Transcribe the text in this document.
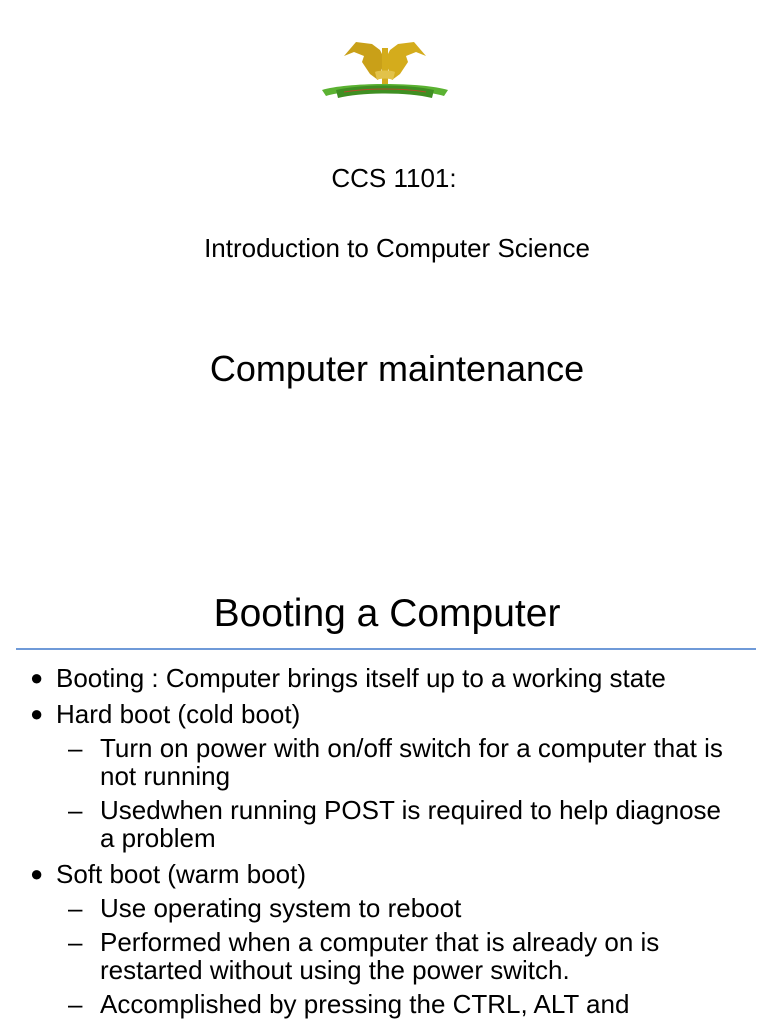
CCS 1101:
Introduction to Computer Science
Computer maintenance
Booting a Computer
● Booting : Computer brings itself up to a working state
● Hard boot (cold boot)
– Turn on power with on/off switch for a computer that is not running
– Usedwhen running POST is required to help diagnose a problem
● Soft boot (warm boot)
– Use operating system to reboot
– Performed when a computer that is already on is restarted without using the power switch.
– Accomplished by pressing the CTRL, ALT and
